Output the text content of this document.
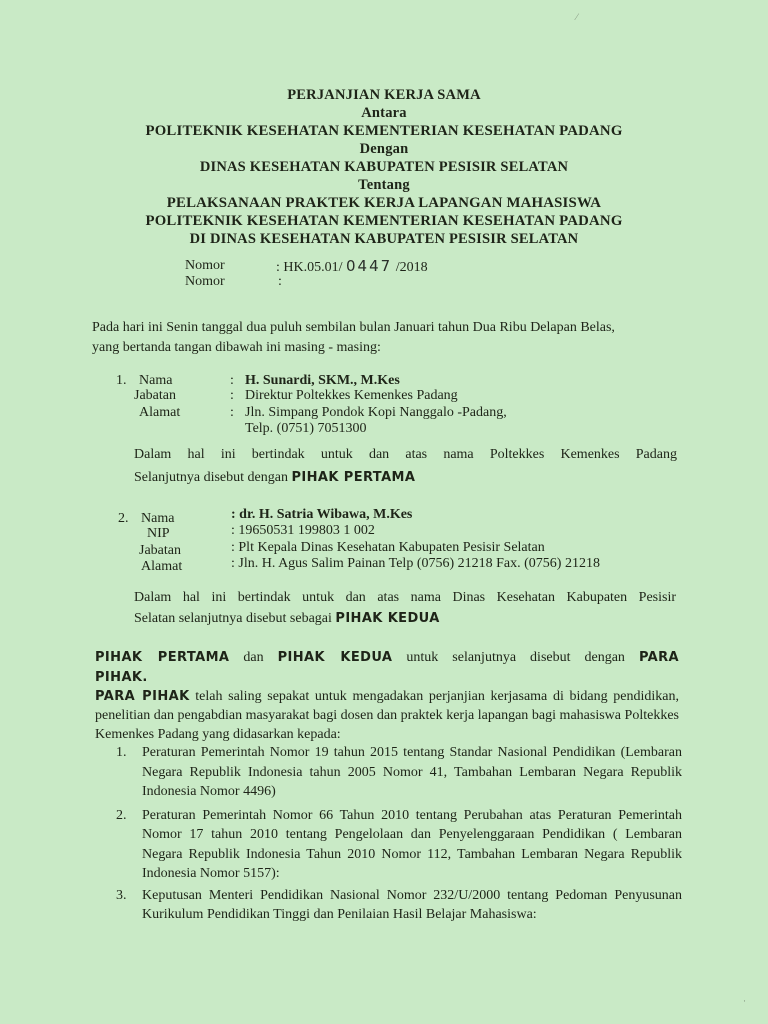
PERJANJIAN KERJA SAMA
Antara
POLITEKNIK KESEHATAN KEMENTERIAN KESEHATAN PADANG
Dengan
DINAS KESEHATAN KABUPATEN PESISIR SELATAN
Tentang
PELAKSANAAN PRAKTEK KERJA LAPANGAN MAHASISWA
POLITEKNIK KESEHATAN KEMENTERIAN KESEHATAN PADANG
DI DINAS KESEHATAN KABUPATEN PESISIR SELATAN
Nomor	: HK.05.01/ 0447 /2018
Nomor	:
Pada hari ini Senin tanggal dua puluh sembilan bulan Januari tahun Dua Ribu Delapan Belas,
yang bertanda tangan dibawah ini masing - masing:
1. Nama
Jabatan
Alamat
:
:
:
H. Sunardi, SKM., M.Kes
Direktur Poltekkes Kemenkes Padang
Jln. Simpang Pondok Kopi Nanggalo -Padang,
Telp. (0751) 7051300
Dalam hal ini bertindak untuk dan atas nama Poltekkes Kemenkes Padang
Selanjutnya disebut dengan PIHAK PERTAMA
2. Nama
NIP
Jabatan
Alamat
: dr. H. Satria Wibawa, M.Kes
: 19650531 199803 1 002
: Plt Kepala Dinas Kesehatan Kabupaten Pesisir Selatan
: Jln. H. Agus Salim Painan Telp (0756) 21218 Fax. (0756) 21218
Dalam hal ini bertindak untuk dan atas nama Dinas Kesehatan Kabupaten Pesisir
Selatan selanjutnya disebut sebagai PIHAK KEDUA
PIHAK PERTAMA dan PIHAK KEDUA untuk selanjutnya disebut dengan PARA
PIHAK.
PARA PIHAK telah saling sepakat untuk mengadakan perjanjian kerjasama di bidang pendidikan, penelitian dan pengabdian masyarakat bagi dosen dan praktek kerja lapangan bagi mahasiswa Poltekkes Kemenkes Padang yang didasarkan kepada:
1. Peraturan Pemerintah Nomor 19 tahun 2015 tentang Standar Nasional Pendidikan (Lembaran Negara Republik Indonesia tahun 2005 Nomor 41, Tambahan Lembaran Negara Republik Indonesia Nomor 4496)
2. Peraturan Pemerintah Nomor 66 Tahun 2010 tentang Perubahan atas Peraturan Pemerintah Nomor 17 tahun 2010 tentang Pengelolaan dan Penyelenggaraan Pendidikan ( Lembaran Negara Republik Indonesia Tahun 2010 Nomor 112, Tambahan Lembaran Negara Republik Indonesia Nomor 5157):
3. Keputusan Menteri Pendidikan Nasional Nomor 232/U/2000 tentang Pedoman Penyusunan Kurikulum Pendidikan Tinggi dan Penilaian Hasil Belajar Mahasiswa:
⁄
·
